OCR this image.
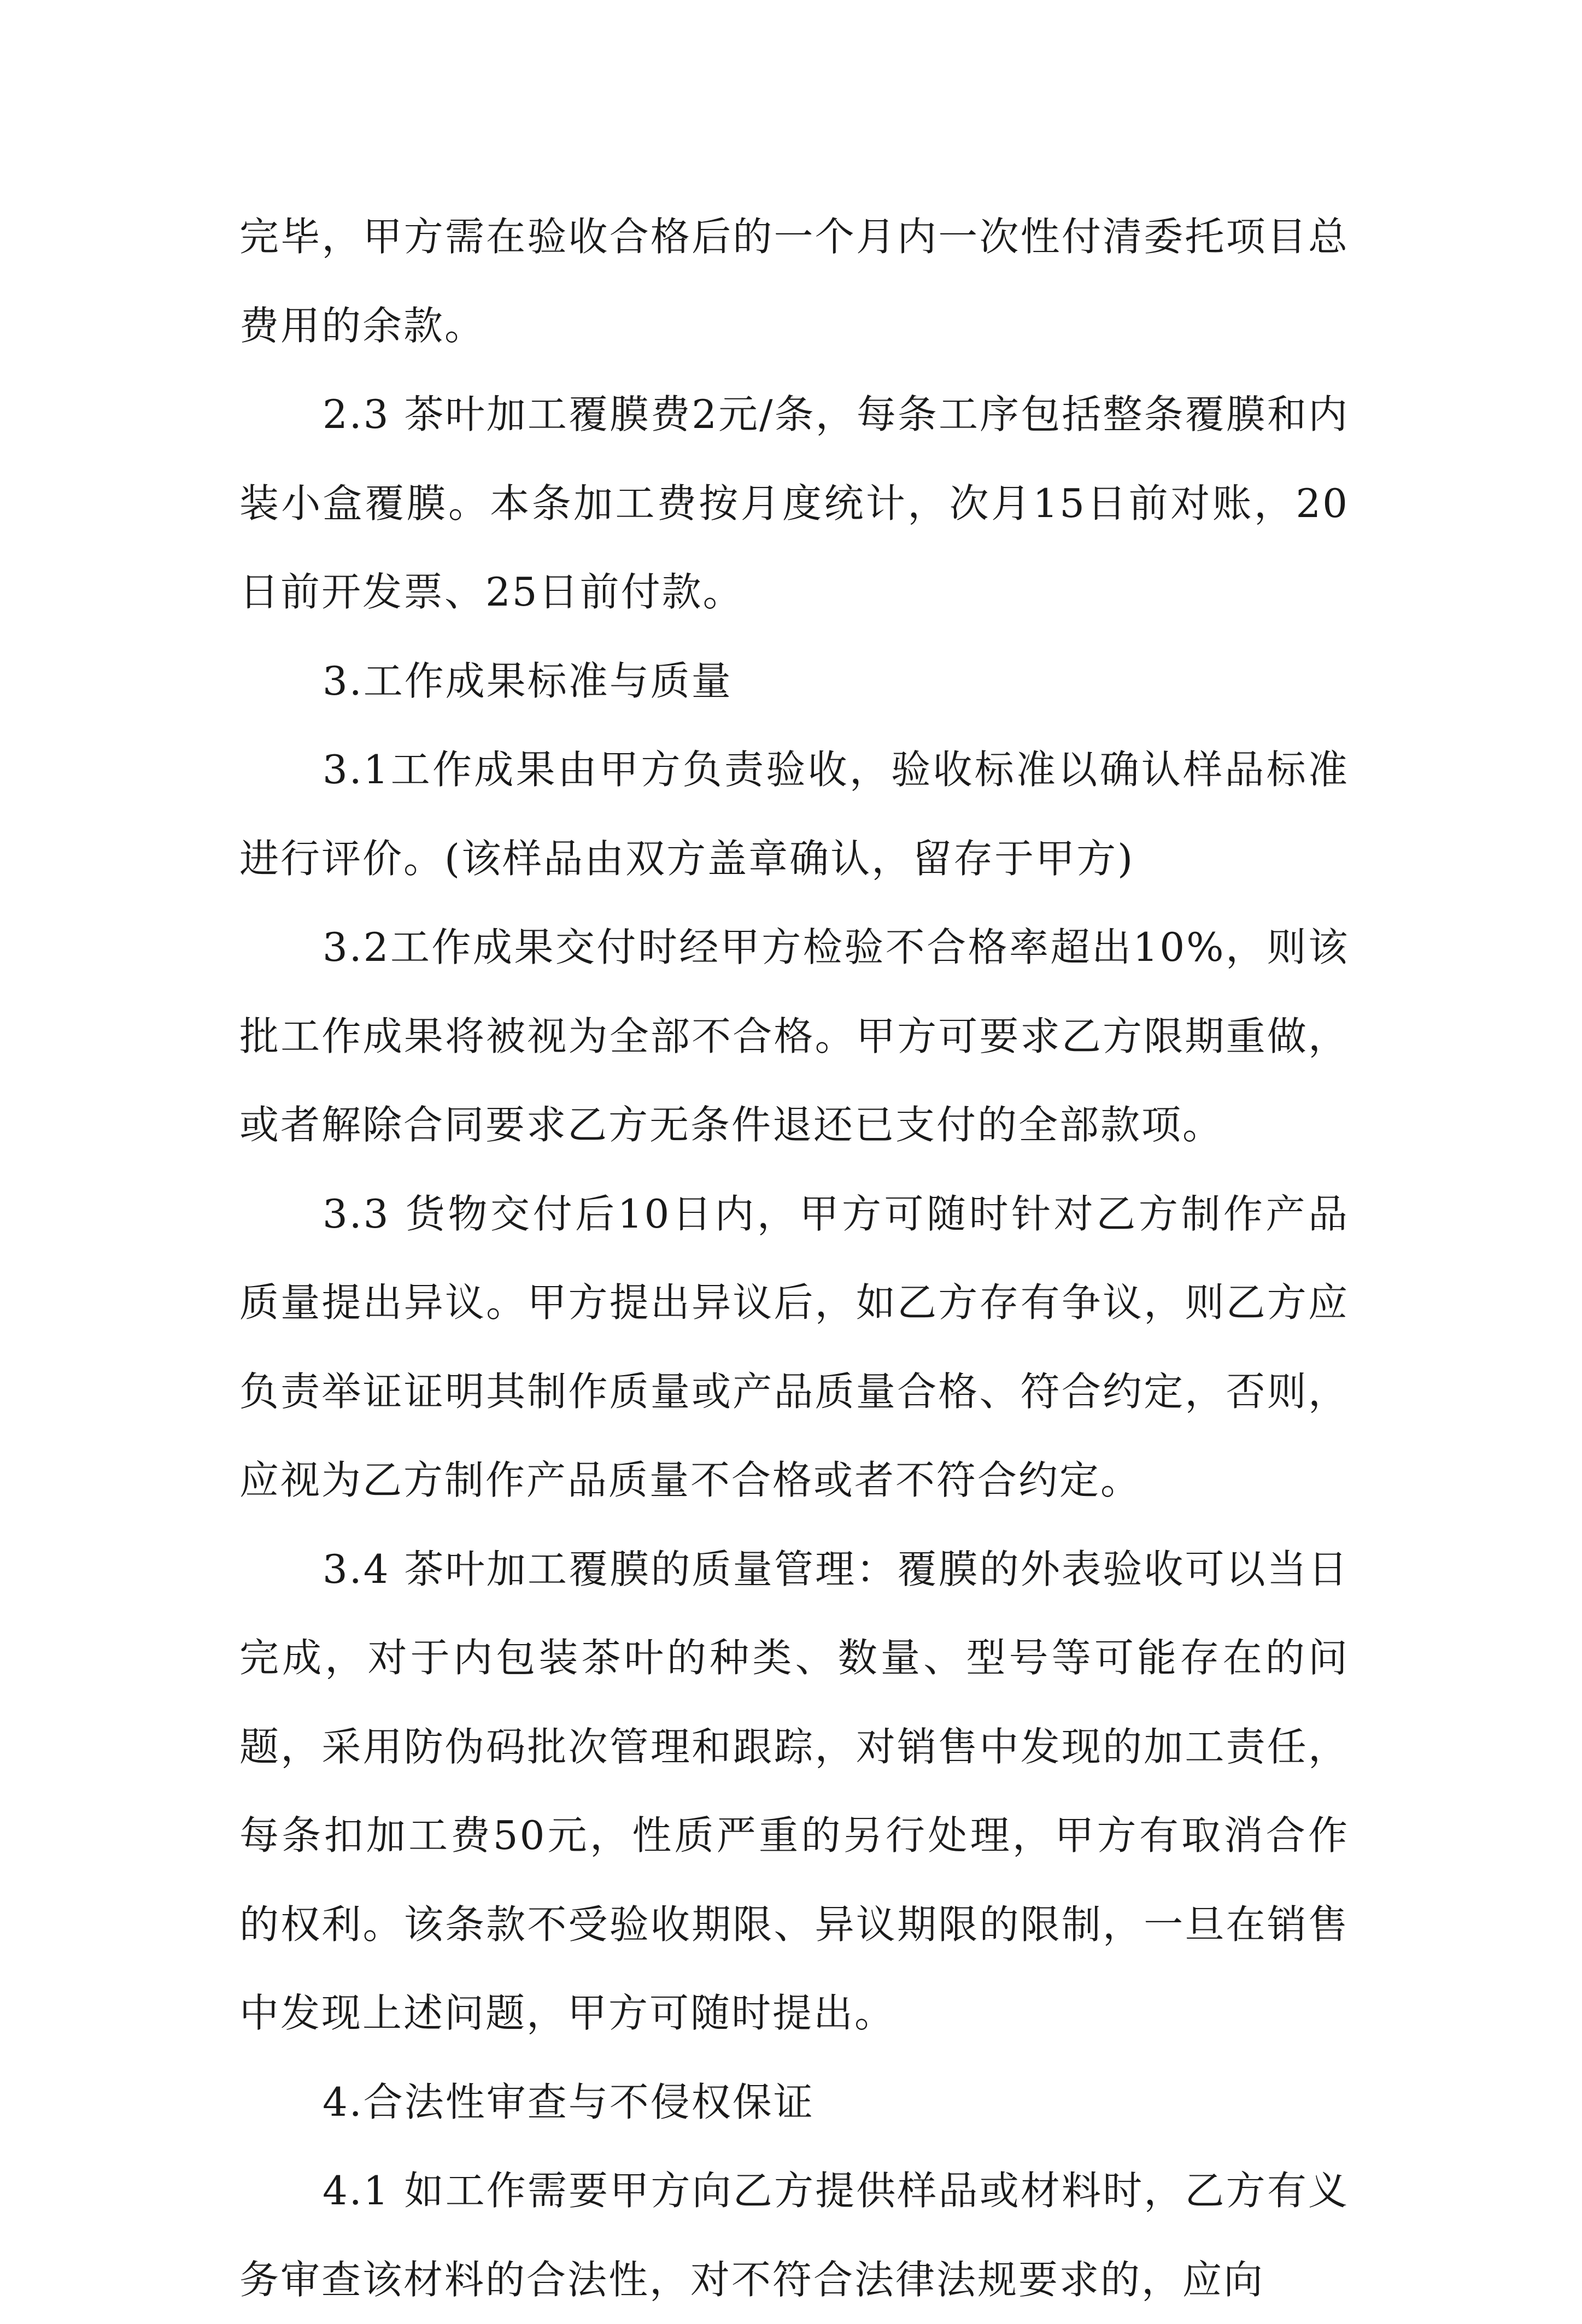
完毕，甲方需在验收合格后的一个月内一次性付清委托项目总费用的余款。

2.3 茶叶加工覆膜费2元/条，每条工序包括整条覆膜和内装小盒覆膜。本条加工费按月度统计，次月15日前对账，20日前开发票、25日前付款。

3.工作成果标准与质量

3.1工作成果由甲方负责验收，验收标准以确认样品标准进行评价。(该样品由双方盖章确认，留存于甲方)

3.2工作成果交付时经甲方检验不合格率超出10%，则该批工作成果将被视为全部不合格。甲方可要求乙方限期重做，或者解除合同要求乙方无条件退还已支付的全部款项。

3.3 货物交付后10日内，甲方可随时针对乙方制作产品质量提出异议。甲方提出异议后，如乙方存有争议，则乙方应负责举证证明其制作质量或产品质量合格、符合约定，否则，应视为乙方制作产品质量不合格或者不符合约定。

3.4 茶叶加工覆膜的质量管理：覆膜的外表验收可以当日完成，对于内包装茶叶的种类、数量、型号等可能存在的问题，采用防伪码批次管理和跟踪，对销售中发现的加工责任，每条扣加工费50元，性质严重的另行处理，甲方有取消合作的权利。该条款不受验收期限、异议期限的限制，一旦在销售中发现上述问题，甲方可随时提出。

4.合法性审查与不侵权保证

4.1 如工作需要甲方向乙方提供样品或材料时，乙方有义务审查该材料的合法性，对不符合法律法规要求的，应向
